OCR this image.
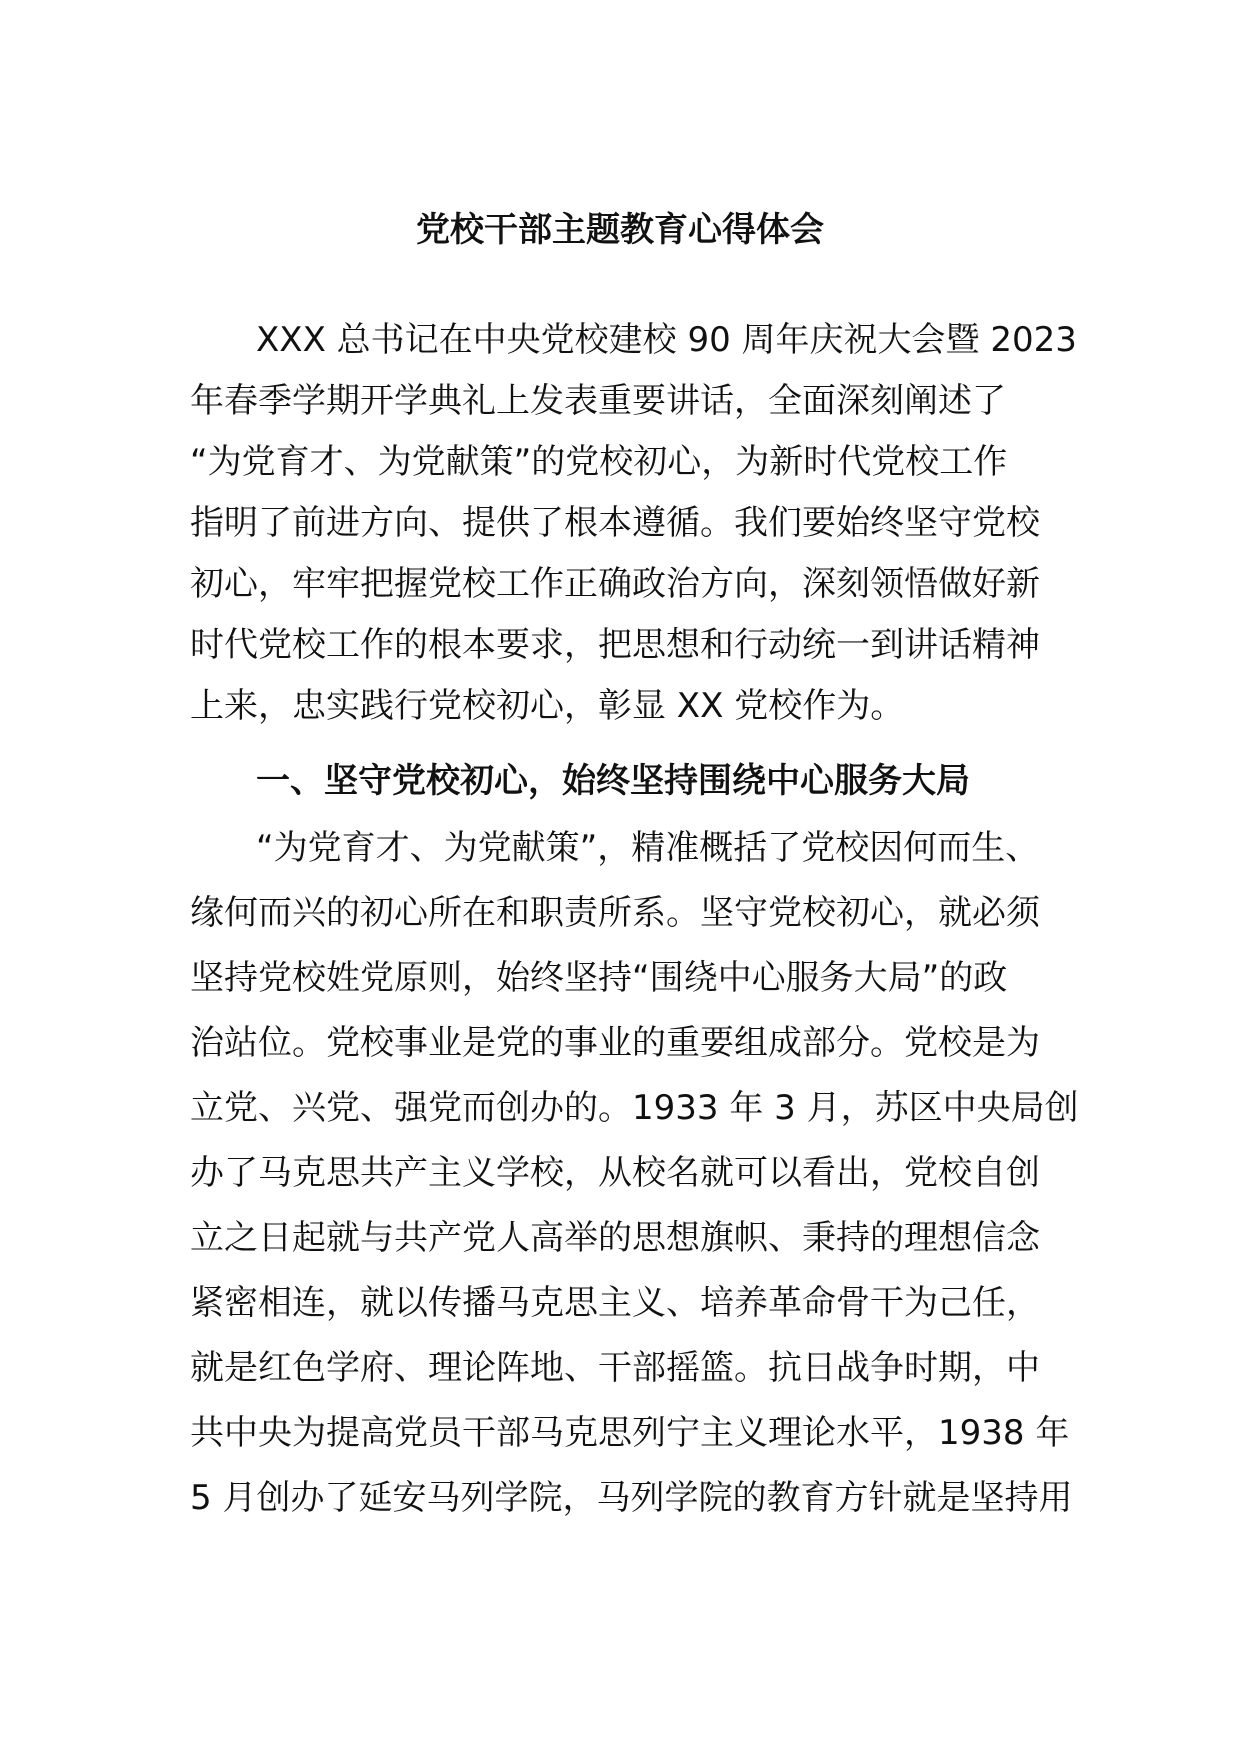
党校干部主题教育心得体会
XXX 总书记在中央党校建校 90 周年庆祝大会暨 2023
年春季学期开学典礼上发表重要讲话，全面深刻阐述了
“为党育才、为党献策”的党校初心，为新时代党校工作
指明了前进方向、提供了根本遵循。我们要始终坚守党校
初心，牢牢把握党校工作正确政治方向，深刻领悟做好新
时代党校工作的根本要求，把思想和行动统一到讲话精神
上来，忠实践行党校初心，彰显 XX 党校作为。
一、坚守党校初心，始终坚持围绕中心服务大局
“为党育才、为党献策”，精准概括了党校因何而生、
缘何而兴的初心所在和职责所系。坚守党校初心，就必须
坚持党校姓党原则，始终坚持“围绕中心服务大局”的政
治站位。党校事业是党的事业的重要组成部分。党校是为
立党、兴党、强党而创办的。1933 年 3 月，苏区中央局创
办了马克思共产主义学校，从校名就可以看出，党校自创
立之日起就与共产党人高举的思想旗帜、秉持的理想信念
紧密相连，就以传播马克思主义、培养革命骨干为己任，
就是红色学府、理论阵地、干部摇篮。抗日战争时期，中
共中央为提高党员干部马克思列宁主义理论水平，1938 年
5 月创办了延安马列学院，马列学院的教育方针就是坚持用
